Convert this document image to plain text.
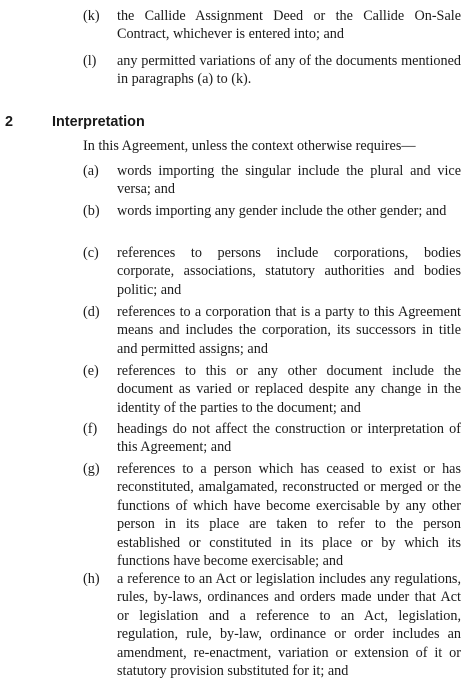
(k) the Callide Assignment Deed or the Callide On-Sale Contract, whichever is entered into; and
(l) any permitted variations of any of the documents mentioned in paragraphs (a) to (k).
2	Interpretation
In this Agreement, unless the context otherwise requires—
(a) words importing the singular include the plural and vice versa; and
(b) words importing any gender include the other gender; and
(c) references to persons include corporations, bodies corporate, associations, statutory authorities and bodies politic; and
(d) references to a corporation that is a party to this Agreement means and includes the corporation, its successors in title and permitted assigns; and
(e) references to this or any other document include the document as varied or replaced despite any change in the identity of the parties to the document; and
(f) headings do not affect the construction or interpretation of this Agreement; and
(g) references to a person which has ceased to exist or has reconstituted, amalgamated, reconstructed or merged or the functions of which have become exercisable by any other person in its place are taken to refer to the person established or constituted in its place or by which its functions have become exercisable; and
(h) a reference to an Act or legislation includes any regulations, rules, by-laws, ordinances and orders made under that Act or legislation and a reference to an Act, legislation, regulation, rule, by-law, ordinance or order includes an amendment, re-enactment, variation or extension of it or statutory provision substituted for it; and
